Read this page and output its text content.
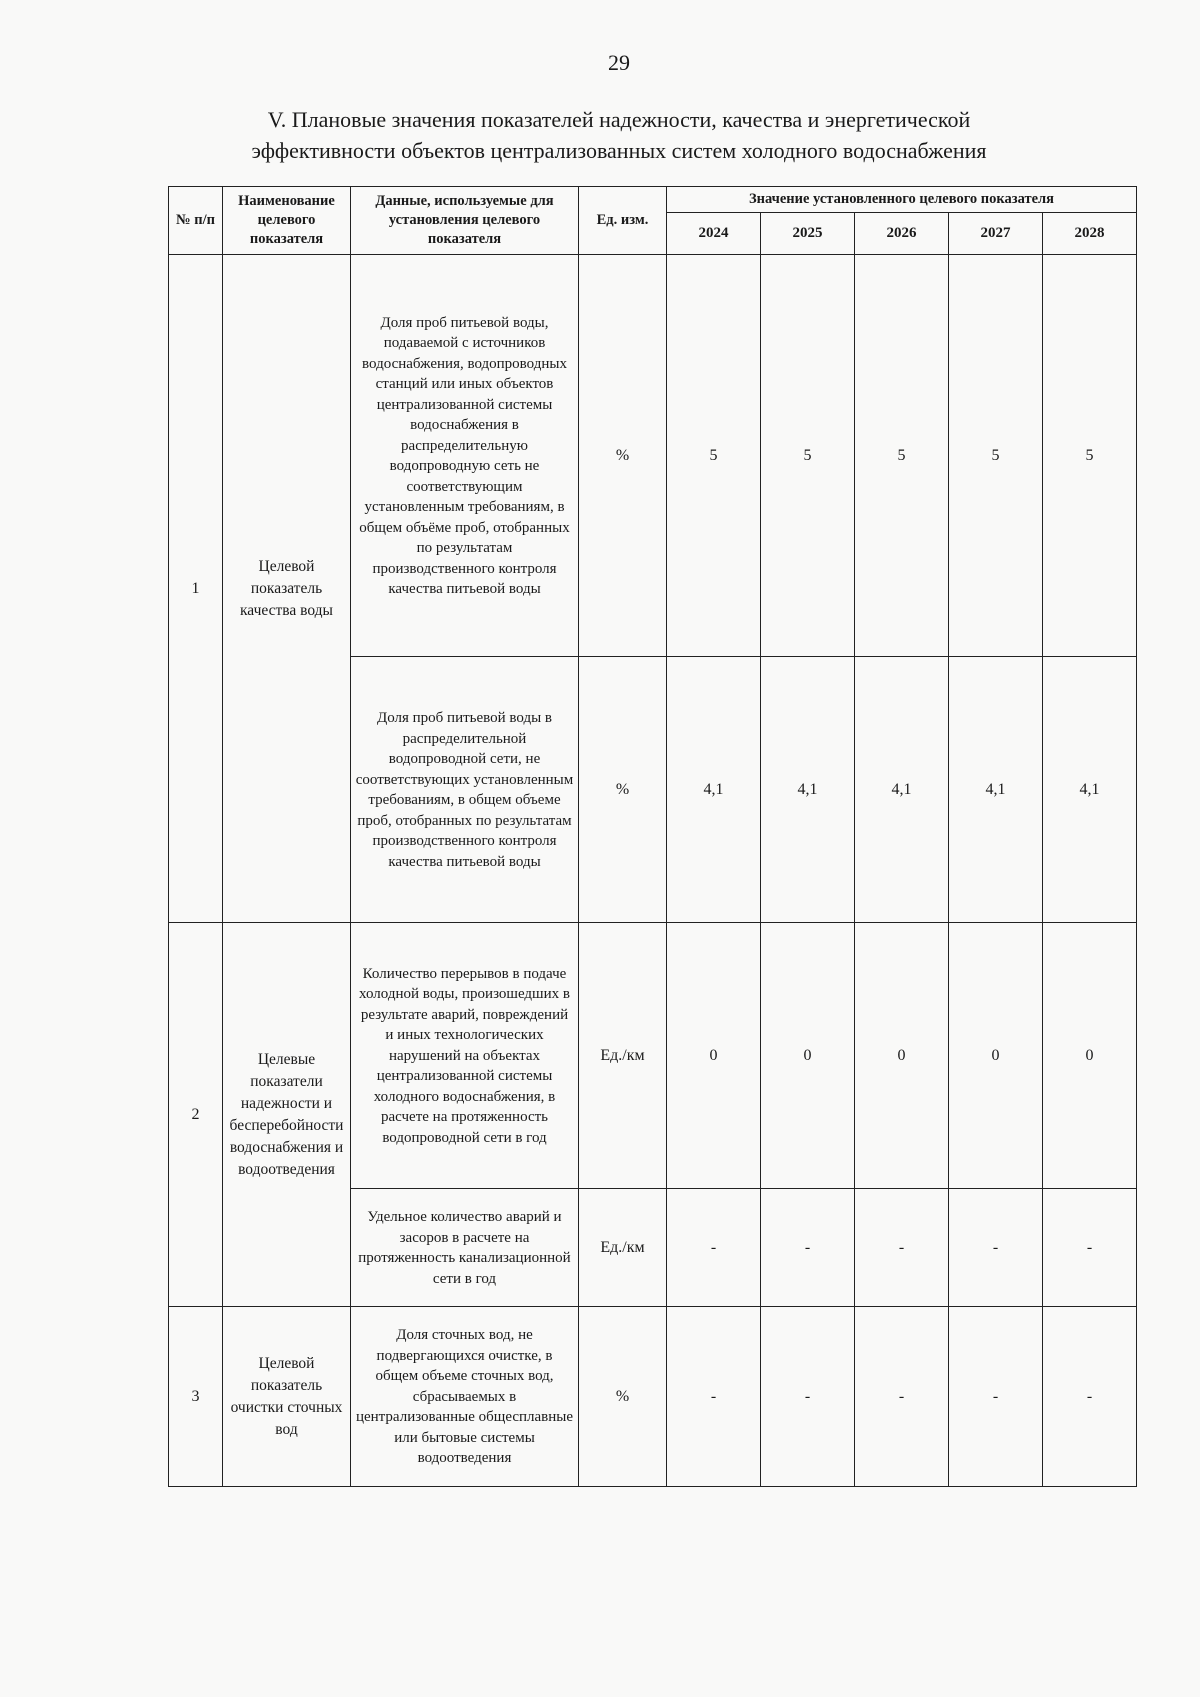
29
V. Плановые значения показателей надежности, качества и энергетической
эффективности объектов централизованных систем холодного водоснабжения
№ п/п	Наименование целевого показателя	Данные, используемые для установления целевого показателя	Ед. изм.	Значение установленного целевого показателя				
				2024	2025	2026	2027	2028
1	Целевой показатель качества воды	Доля проб питьевой воды, подаваемой с источников водоснабжения, водопроводных станций или иных объектов централизованной системы водоснабжения в распределительную водопроводную сеть не соответствующим установленным требованиям, в общем объёме проб, отобранных по результатам производственного контроля качества питьевой воды	%	5	5	5	5	5
		Доля проб питьевой воды в распределительной водопроводной сети, не соответствующих установленным требованиям, в общем объеме проб, отобранных по результатам производственного контроля качества питьевой воды	%	4,1	4,1	4,1	4,1	4,1
2	Целевые показатели надежности и бесперебойности водоснабжения и водоотведения	Количество перерывов в подаче холодной воды, произошедших в результате аварий, повреждений и иных технологических нарушений на объектах централизованной системы холодного водоснабжения, в расчете на протяженность водопроводной сети в год	Ед./км	0	0	0	0	0
		Удельное количество аварий и засоров в расчете на протяженность канализационной сети в год	Ед./км	-	-	-	-	-
3	Целевой показатель очистки сточных вод	Доля сточных вод, не подвергающихся очистке, в общем объеме сточных вод, сбрасываемых в централизованные общесплавные или бытовые системы водоотведения	%	-	-	-	-	-
